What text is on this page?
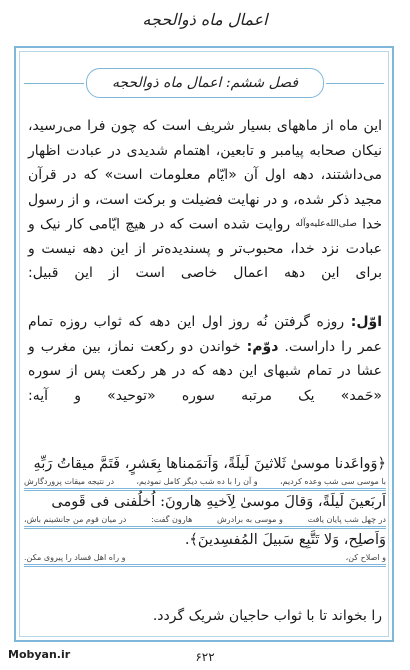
اعمال ماه ذوالحجه
فصل ششم: اعمال ماه ذوالحجه

این ماه از ماههای بسیار شریف است که چون فرا می‌رسید، نیکان صحابه پیامبر و تابعین، اهتمام شدیدی در عبادت اظهار می‌داشتند، دهه اول آن «ایّام معلومات است» که در قرآن مجید ذکر شده، و در نهایت فضیلت و برکت است، و از رسول خدا صلی‌الله‌علیه‌وآله روایت شده است که در هیچ ایّامی کار نیک و عبادت نزد خدا، محبوب‌تر و پسندیده‌تر از این دهه نیست و برای این دهه اعمال خاصی است از این قبیل:

اوّل: روزه گرفتن نُه روز اول این دهه که ثواب روزه تمام عمر را داراست. دوّم: خواندن دو رکعت نماز، بین مغرب و عشا در تمام شبهای این دهه که در هر رکعت پس از سوره «حَمد» یک مرتبه سوره «توحید» و آیه:

﴿وَواعَدنا موسیٰ ثَلاثینَ لَیلَةً، وَاَتمَمناها بِعَشرٍ، فَتَمَّ میقاتُ رَبِّهِ
با موسی سی شب وعده کردیم،
و آن را با ده شب دیگر کامل نمودیم،
در نتیجه میقات پروردگارش
اَربَعینَ لَیلَةً، وَقالَ موسیٰ لِاَخیهِ هارونَ: اُخلُفنی فی قَومی
در چهل شب پایان یافت
و موسی به برادرش
هارون گفت:
در میان قوم من جانشینم باش،
وَاَصلِح، وَلا تَتَّبِع سَبیلَ المُفسِدینَ﴾.
و اصلاح کن،
و راه اهل فساد را پیروی مکن.
را بخواند تا با ثواب حاجیان شریک گردد.
Mobyan.ir	۶۲۲
